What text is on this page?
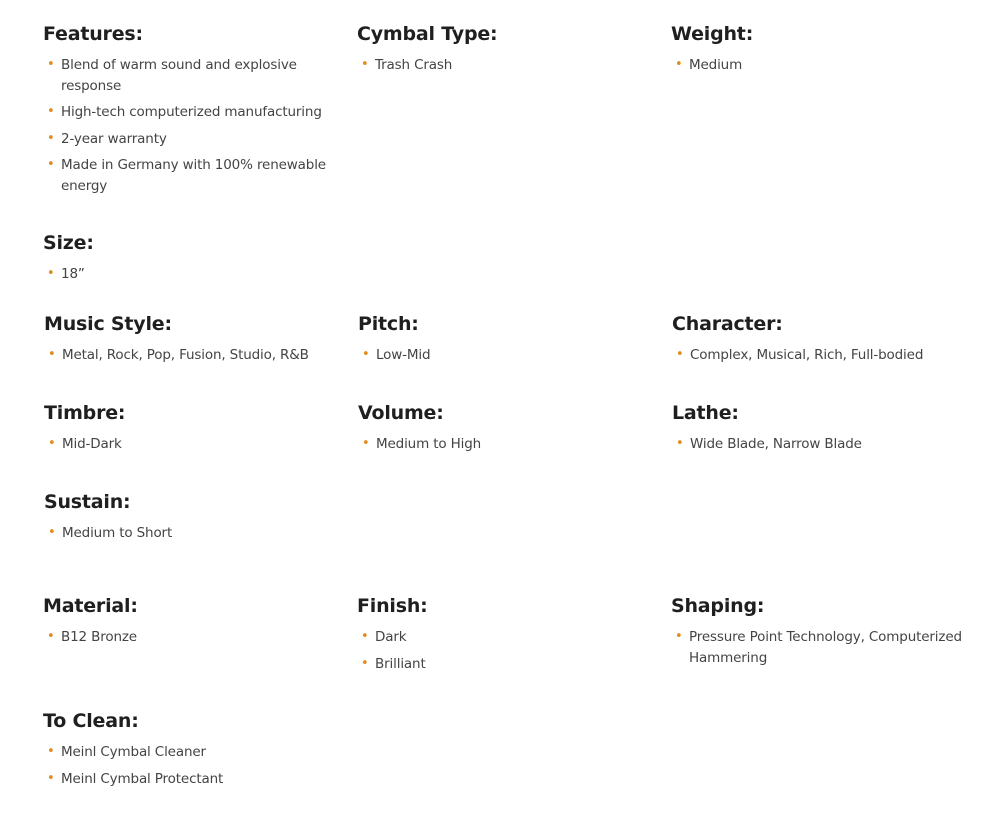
Features:
• Blend of warm sound and explosive response
• High-tech computerized manufacturing
• 2-year warranty
• Made in Germany with 100% renewable energy
Cymbal Type:
• Trash Crash
Weight:
• Medium
Size:
• 18”
Music Style:
• Metal, Rock, Pop, Fusion, Studio, R&B
Pitch:
• Low-Mid
Character:
• Complex, Musical, Rich, Full-bodied
Timbre:
• Mid-Dark
Volume:
• Medium to High
Lathe:
• Wide Blade, Narrow Blade
Sustain:
• Medium to Short
Material:
• B12 Bronze
Finish:
• Dark
• Brilliant
Shaping:
• Pressure Point Technology, Computerized Hammering
To Clean:
• Meinl Cymbal Cleaner
• Meinl Cymbal Protectant
